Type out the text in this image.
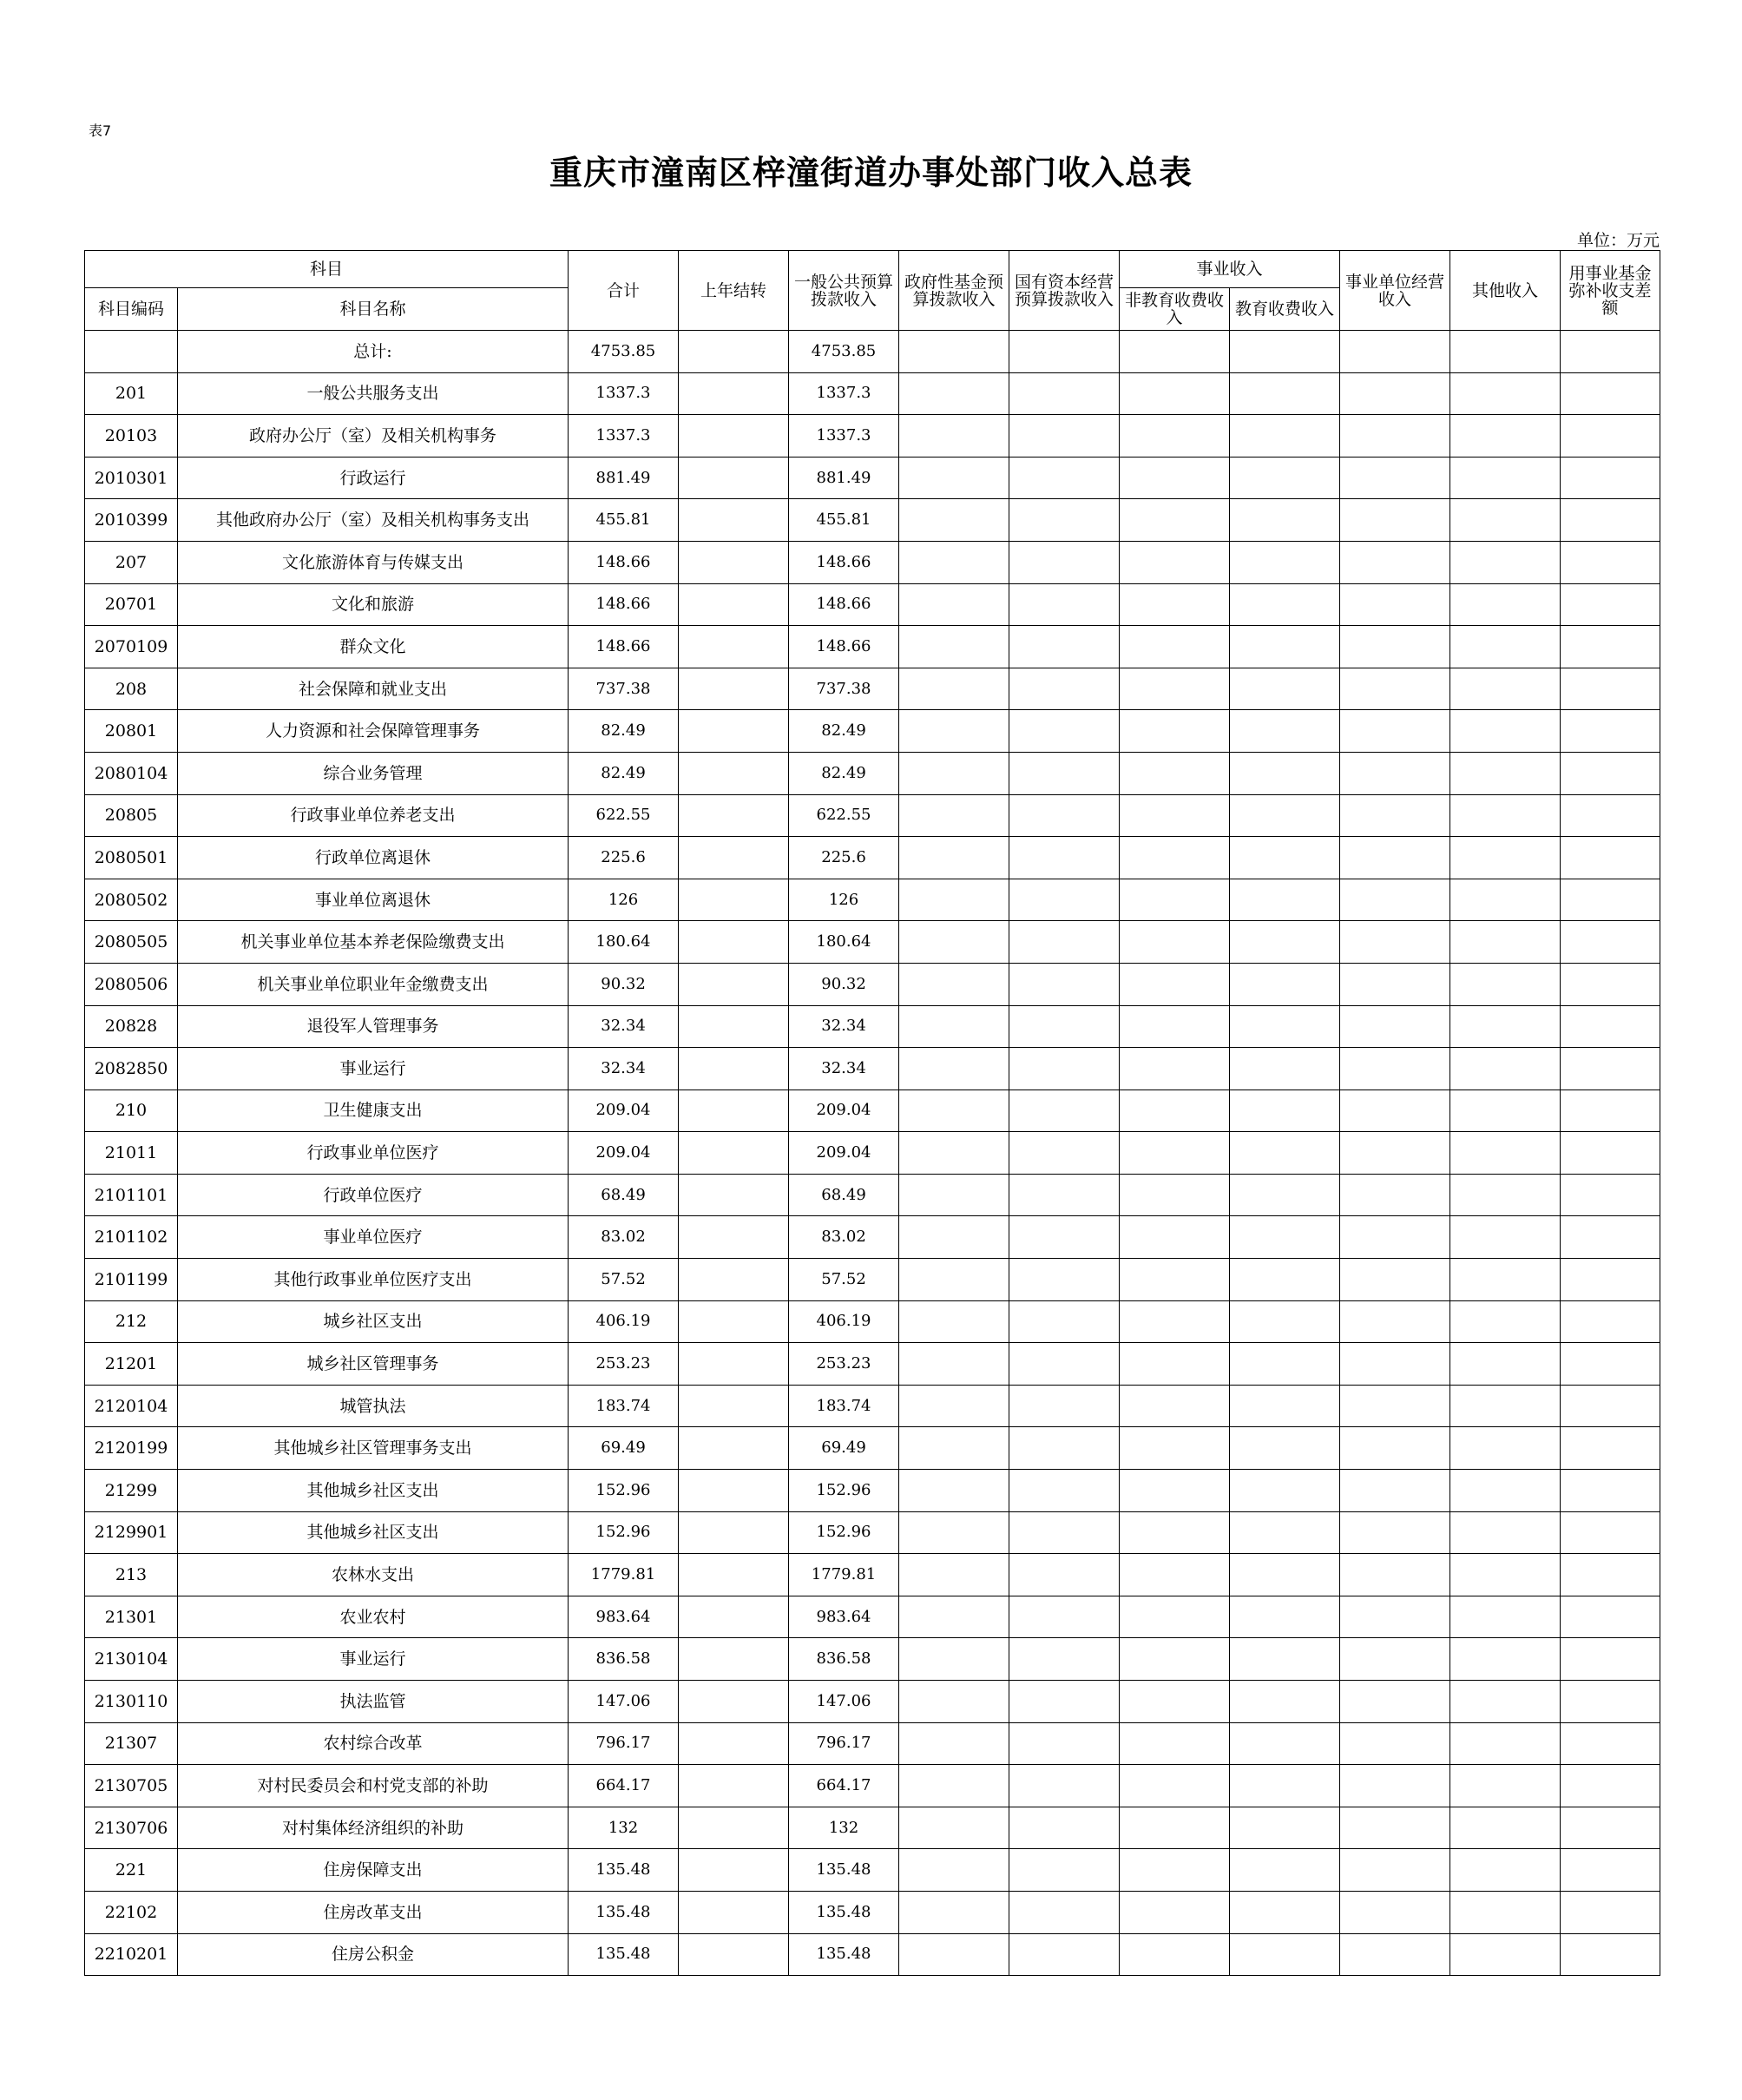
表7
重庆市潼南区梓潼街道办事处部门收入总表
单位：万元
科目		合计	上年结转	一般公共预算拨款收入	政府性基金预算拨款收入	国有资本经营预算拨款收入	事业收入		事业单位经营收入	其他收入	用事业基金弥补收支差额

科目编码	科目名称						非教育收费收入	教育收费收入			

	总计:	4753.85		4753.85							
201	一般公共服务支出	1337.3		1337.3							
20103	政府办公厅（室）及相关机构事务	1337.3		1337.3							
2010301	行政运行	881.49		881.49							
2010399	其他政府办公厅（室）及相关机构事务支出	455.81		455.81							
207	文化旅游体育与传媒支出	148.66		148.66							
20701	文化和旅游	148.66		148.66							
2070109	群众文化	148.66		148.66							
208	社会保障和就业支出	737.38		737.38							
20801	人力资源和社会保障管理事务	82.49		82.49							
2080104	综合业务管理	82.49		82.49							
20805	行政事业单位养老支出	622.55		622.55							
2080501	行政单位离退休	225.6		225.6							
2080502	事业单位离退休	126		126							
2080505	机关事业单位基本养老保险缴费支出	180.64		180.64							
2080506	机关事业单位职业年金缴费支出	90.32		90.32							
20828	退役军人管理事务	32.34		32.34							
2082850	事业运行	32.34		32.34							
210	卫生健康支出	209.04		209.04							
21011	行政事业单位医疗	209.04		209.04							
2101101	行政单位医疗	68.49		68.49							
2101102	事业单位医疗	83.02		83.02							
2101199	其他行政事业单位医疗支出	57.52		57.52							
212	城乡社区支出	406.19		406.19							
21201	城乡社区管理事务	253.23		253.23							
2120104	城管执法	183.74		183.74							
2120199	其他城乡社区管理事务支出	69.49		69.49							
21299	其他城乡社区支出	152.96		152.96							
2129901	其他城乡社区支出	152.96		152.96							
213	农林水支出	1779.81		1779.81							
21301	农业农村	983.64		983.64							
2130104	事业运行	836.58		836.58							
2130110	执法监管	147.06		147.06							
21307	农村综合改革	796.17		796.17							
2130705	对村民委员会和村党支部的补助	664.17		664.17							
2130706	对村集体经济组织的补助	132		132							
221	住房保障支出	135.48		135.48							
22102	住房改革支出	135.48		135.48							
2210201	住房公积金	135.48		135.48							
